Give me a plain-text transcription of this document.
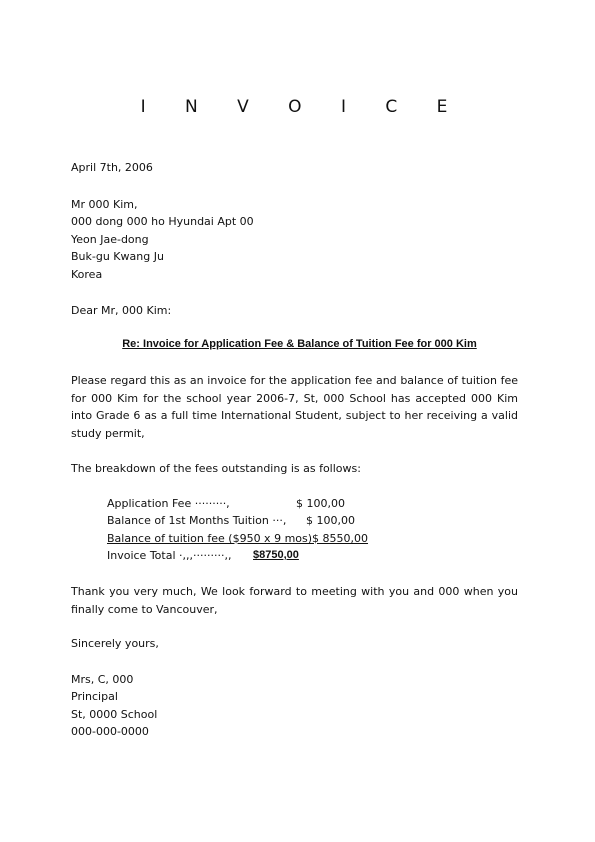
I N V O I C E
April 7th, 2006
Mr 000 Kim,
000 dong 000 ho Hyundai Apt 00
Yeon Jae-dong
Buk-gu Kwang Ju
Korea
Dear Mr, 000 Kim:
Re: Invoice for Application Fee & Balance of Tuition Fee for 000 Kim
Please regard this as an invoice for the application fee and balance of tuition fee
for 000 Kim for the school year 2006-7, St, 000 School has accepted 000 Kim
into Grade 6 as a full time International Student, subject to her receiving a valid
study permit,
The breakdown of the fees outstanding is as follows:
Application Fee ·········,	$ 100,00
Balance of 1st Months Tuition ···, $ 100,00
Balance of tuition fee ($950 x 9 mos)$ 8550,00
Invoice Total ·,,,·········,, $8750,00
Thank you very much, We look forward to meeting with you and 000 when you
finally come to Vancouver,
Sincerely yours,
Mrs, C, 000
Principal
St, 0000 School
000-000-0000
